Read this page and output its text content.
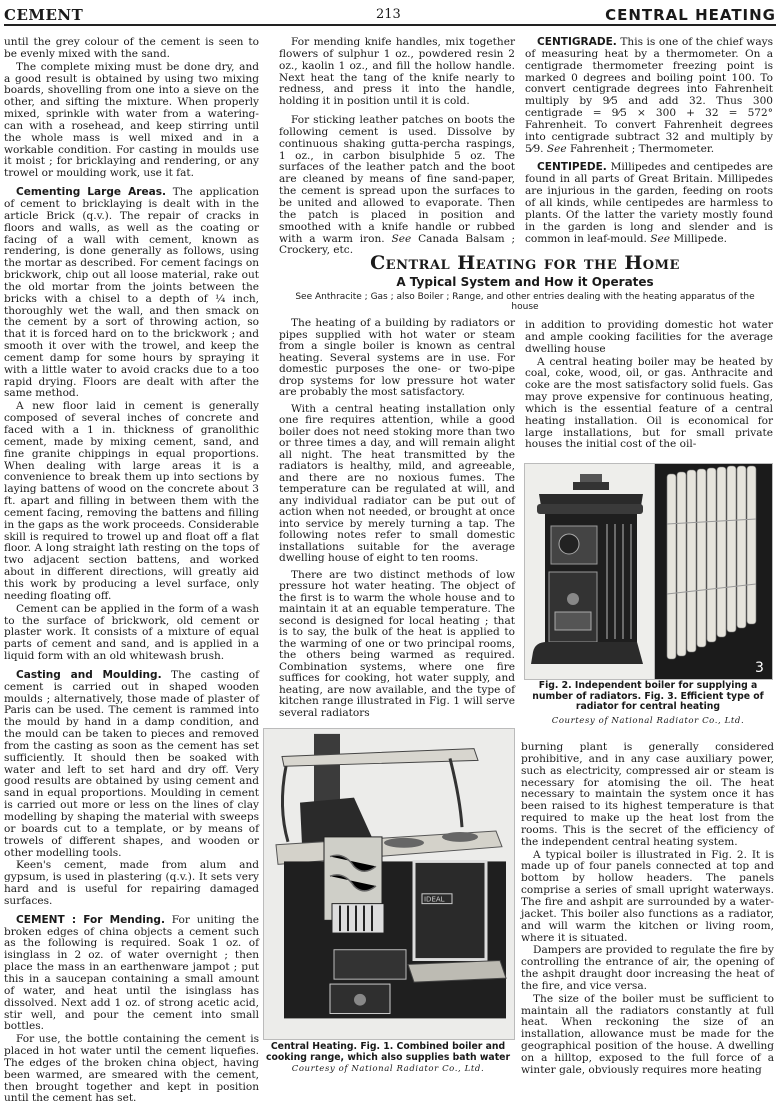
CEMENT	213	CENTRAL HEATING

until the grey colour of the cement is seen to be evenly mixed with the sand.

The complete mixing must be done dry, and a good result is obtained by using two mixing boards, shovelling from one into a sieve on the other, and sifting the mixture. When properly mixed, sprinkle with water from a watering-can with a rosehead, and keep stirring until the whole mass is well mixed and in a workable condition. For casting in moulds use it moist ; for bricklaying and rendering, or any trowel or moulding work, use it fat.

Cementing Large Areas. The application of cement to bricklaying is dealt with in the article Brick (q.v.). The repair of cracks in floors and walls, as well as the coating or facing of a wall with cement, known as rendering, is done generally as follows, using the mortar as described. For cement facings on brickwork, chip out all loose material, rake out the old mortar from the joints between the bricks with a chisel to a depth of ¼ inch, thoroughly wet the wall, and then smack on the cement by a sort of throwing action, so that it is forced hard on to the brickwork ; and smooth it over with the trowel, and keep the cement damp for some hours by spraying it with a little water to avoid cracks due to a too rapid drying. Floors are dealt with after the same method.

A new floor laid in cement is generally composed of several inches of concrete and faced with a 1 in. thickness of granolithic cement, made by mixing cement, sand, and fine granite chippings in equal proportions. When dealing with large areas it is a convenience to break them up into sections by laying battens of wood on the concrete about 3 ft. apart and filling in between them with the cement facing, removing the battens and filling in the gaps as the work proceeds. Considerable skill is required to trowel up and float off a flat floor. A long straight lath resting on the tops of two adjacent section battens, and worked about in different directions, will greatly aid this work by producing a level surface, only needing floating off.

Cement can be applied in the form of a wash to the surface of brickwork, old cement or plaster work. It consists of a mixture of equal parts of cement and sand, and is applied in a liquid form with an old whitewash brush.

Casting and Moulding. The casting of cement is carried out in shaped wooden moulds ; alternatively, those made of plaster of Paris can be used. The cement is rammed into the mould by hand in a damp condition, and the mould can be taken to pieces and removed from the casting as soon as the cement has set sufficiently. It should then be soaked with water and left to set hard and dry off. Very good results are obtained by using cement and sand in equal proportions. Moulding in cement is carried out more or less on the lines of clay modelling by shaping the material with sweeps or boards cut to a template, or by means of trowels of different shapes, and wooden or other modelling tools.

Keen's cement, made from alum and gypsum, is used in plastering (q.v.). It sets very hard and is useful for repairing damaged surfaces.

CEMENT : For Mending. For uniting the broken edges of china objects a cement such as the following is required. Soak 1 oz. of isinglass in 2 oz. of water overnight ; then place the mass in an earthenware jampot ; put this in a saucepan containing a small amount of water, and heat until the isinglass has dissolved. Next add 1 oz. of strong acetic acid, stir well, and pour the cement into small bottles.

For use, the bottle containing the cement is placed in hot water until the cement liquefies. The edges of the broken china object, having been warmed, are smeared with the cement, then brought together and kept in position until the cement has set.

For mending knife handles, mix together flowers of sulphur 1 oz., powdered resin 2 oz., kaolin 1 oz., and fill the hollow handle. Next heat the tang of the knife nearly to redness, and press it into the handle, holding it in position until it is cold.

For sticking leather patches on boots the following cement is used. Dissolve by continuous shaking gutta-percha raspings, 1 oz., in carbon bisulphide 5 oz. The surfaces of the leather patch and the boot are cleaned by means of fine sand-paper, the cement is spread upon the surfaces to be united and allowed to evaporate. Then the patch is placed in position and smoothed with a knife handle or rubbed with a warm iron. See Canada Balsam ; Crockery, etc.

CENTIGRADE. This is one of the chief ways of measuring heat by a thermometer. On a centigrade thermometer freezing point is marked 0 degrees and boiling point 100. To convert centigrade degrees into Fahrenheit multiply by 9⁄5 and add 32. Thus 300 centigrade = 9⁄5 × 300 + 32 = 572° Fahrenheit. To convert Fahrenheit degrees into centigrade subtract 32 and multiply by 5⁄9. See Fahrenheit ; Thermometer.

CENTIPEDE. Millipedes and centipedes are found in all parts of Great Britain. Millipedes are injurious in the garden, feeding on roots of all kinds, while centipedes are harmless to plants. Of the latter the variety mostly found in the garden is long and slender and is common in leaf-mould. See Millipede.

Central Heating for the Home
A Typical System and How it Operates
See Anthracite ; Gas ; also Boiler ; Range, and other entries dealing with the heating apparatus of the house

The heating of a building by radiators or pipes supplied with hot water or steam from a single boiler is known as central heating. Several systems are in use. For domestic purposes the one- or two-pipe drop systems for low pressure hot water are probably the most satisfactory.

With a central heating installation only one fire requires attention, while a good boiler does not need stoking more than two or three times a day, and will remain alight all night. The heat transmitted by the radiators is healthy, mild, and agreeable, and there are no noxious fumes. The temperature can be regulated at will, and any individual radiator can be put out of action when not needed, or brought at once into service by merely turning a tap. The following notes refer to small domestic installations suitable for the average dwelling house of eight to ten rooms.

There are two distinct methods of low pressure hot water heating. The object of the first is to warm the whole house and to maintain it at an equable temperature. The second is designed for local heating ; that is to say, the bulk of the heat is applied to the warming of one or two principal rooms, the others being warmed as required. Combination systems, where one fire suffices for cooking, hot water supply, and heating, are now available, and the type of kitchen range illustrated in Fig. 1 will serve several radiators

in addition to providing domestic hot water and ample cooking facilities for the average dwelling house

A central heating boiler may be heated by coal, coke, wood, oil, or gas. Anthracite and coke are the most satisfactory solid fuels. Gas may prove expensive for continuous heating, which is the essential feature of a central heating installation. Oil is economical for large installations, but for small private houses the initial cost of the oil-

3
Fig. 2. Independent boiler for supplying a number of radiators. Fig. 3. Efficient type of radiator for central heating
Courtesy of National Radiator Co., Ltd.

burning plant is generally considered prohibitive, and in any case auxiliary power, such as electricity, compressed air or steam is necessary for atomising the oil. The heat necessary to maintain the system once it has been raised to its highest temperature is that required to make up the heat lost from the rooms. This is the secret of the efficiency of the independent central heating system.

A typical boiler is illustrated in Fig. 2. It is made up of four panels connected at top and bottom by hollow headers. The panels comprise a series of small upright waterways. The fire and ashpit are surrounded by a water-jacket. This boiler also functions as a radiator, and will warm the kitchen or living room, where it is situated.

Dampers are provided to regulate the fire by controlling the entrance of air, the opening of the ashpit draught door increasing the heat of the fire, and vice versa.

The size of the boiler must be sufficient to maintain all the radiators constantly at full heat. When reckoning the size of an installation, allowance must be made for the geographical position of the house. A dwelling on a hilltop, exposed to the full force of a winter gale, obviously requires more heating

IDEAL
Central Heating. Fig. 1. Combined boiler and cooking range, which also supplies bath water
Courtesy of National Radiator Co., Ltd.
